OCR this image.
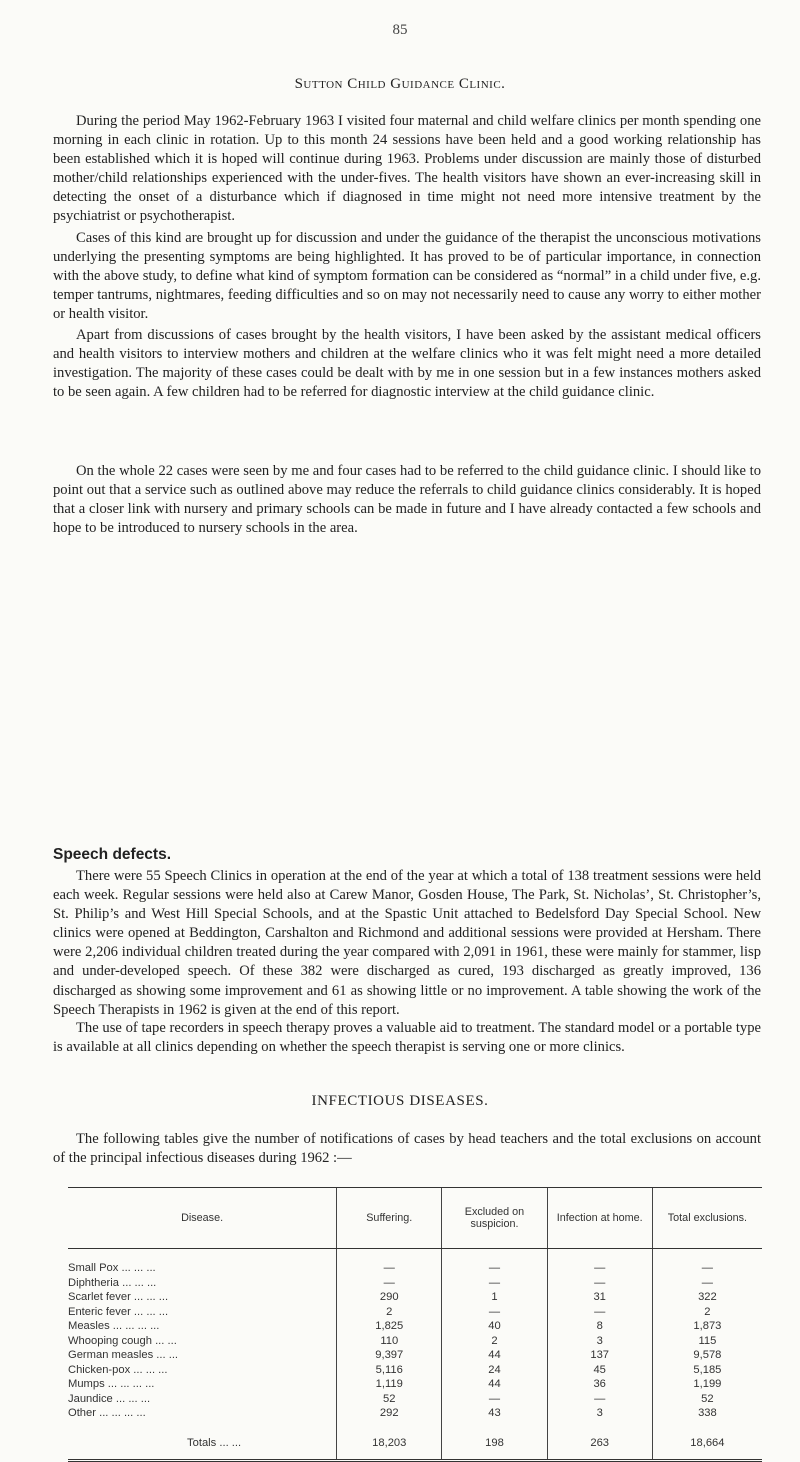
85
Sutton Child Guidance Clinic.

During the period May 1962-February 1963 I visited four maternal and child welfare clinics per month spending one morning in each clinic in rotation. Up to this month 24 sessions have been held and a good working relationship has been established which it is hoped will continue during 1963. Problems under discussion are mainly those of disturbed mother/child relationships experienced with the under-fives. The health visitors have shown an ever-increasing skill in detecting the onset of a disturbance which if diagnosed in time might not need more intensive treatment by the psychiatrist or psychotherapist.

Cases of this kind are brought up for discussion and under the guidance of the therapist the unconscious motivations underlying the presenting symptoms are being highlighted. It has proved to be of particular importance, in connection with the above study, to define what kind of symptom formation can be considered as “normal” in a child under five, e.g. temper tantrums, nightmares, feeding difficulties and so on may not necessarily need to cause any worry to either mother or health visitor.

Apart from discussions of cases brought by the health visitors, I have been asked by the assistant medical officers and health visitors to interview mothers and children at the welfare clinics who it was felt might need a more detailed investigation. The majority of these cases could be dealt with by me in one session but in a few instances mothers asked to be seen again. A few children had to be referred for diagnostic interview at the child guidance clinic.

On the whole 22 cases were seen by me and four cases had to be referred to the child guidance clinic. I should like to point out that a service such as outlined above may reduce the referrals to child guidance clinics considerably. It is hoped that a closer link with nursery and primary schools can be made in future and I have already contacted a few schools and hope to be introduced to nursery schools in the area.

Speech defects.

There were 55 Speech Clinics in operation at the end of the year at which a total of 138 treatment sessions were held each week. Regular sessions were held also at Carew Manor, Gosden House, The Park, St. Nicholas’, St. Christopher’s, St. Philip’s and West Hill Special Schools, and at the Spastic Unit attached to Bedelsford Day Special School. New clinics were opened at Beddington, Carshalton and Richmond and additional sessions were provided at Hersham. There were 2,206 individual children treated during the year compared with 2,091 in 1961, these were mainly for stammer, lisp and under-developed speech. Of these 382 were discharged as cured, 193 discharged as greatly improved, 136 discharged as showing some improvement and 61 as showing little or no improvement. A table showing the work of the Speech Therapists in 1962 is given at the end of this report.

The use of tape recorders in speech therapy proves a valuable aid to treatment. The standard model or a portable type is available at all clinics depending on whether the speech therapist is serving one or more clinics.

INFECTIOUS DISEASES.

The following tables give the number of notifications of cases by head teachers and the total exclusions on account of the principal infectious diseases during 1962 :—

Disease.	Suffering.	Excluded on suspicion.	Infection at home.	Total exclusions.

Small Pox ... ... ...	—	—	—	—
Diphtheria ... ... ...	—	—	—	—
Scarlet fever ... ... ...	290	1	31	322
Enteric fever ... ... ...	2	—	—	2
Measles ... ... ... ...	1,825	40	8	1,873
Whooping cough ... ...	110	2	3	115
German measles ... ...	9,397	44	137	9,578
Chicken-pox ... ... ...	5,116	24	45	5,185
Mumps ... ... ... ...	1,119	44	36	1,199
Jaundice ... ... ...	52	—	—	52
Other ... ... ... ...	292	43	3	338

Totals ... ...	18,203	198	263	18,664
